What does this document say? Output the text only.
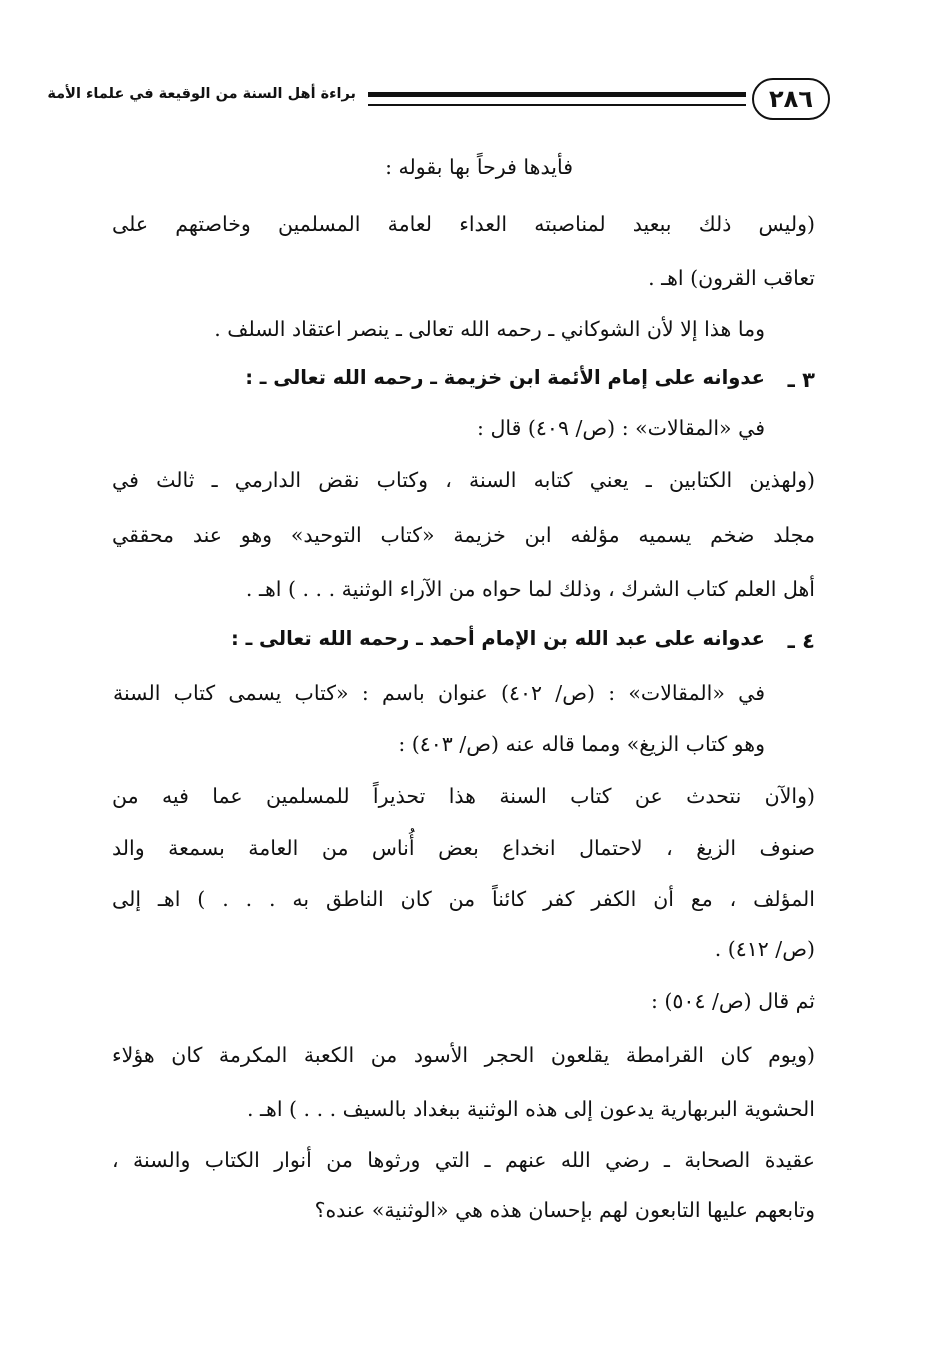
٢٨٦
براءة أهل السنة من الوقيعة في علماء الأمة
فأيدها فرحاً بها بقوله :
(وليس ذلك ببعيد لمناصبته العداء لعامة المسلمين وخاصتهم على
تعاقب القرون) اهـ .
وما هذا إلا لأن الشوكاني ـ رحمه الله تعالى ـ ينصر اعتقاد السلف .
٣ ـ
عدوانه على إمام الأئمة ابن خزيمة ـ رحمه الله تعالى ـ :
في «المقالات» : (ص/ ٤٠٩) قال :
(ولهذين الكتابين ـ يعني كتابه السنة ، وكتاب نقض الدارمي ـ ثالث في
مجلد ضخم يسميه مؤلفه ابن خزيمة «كتاب التوحيد» وهو عند محققي
أهل العلم كتاب الشرك ، وذلك لما حواه من الآراء الوثنية . . . ) اهـ .
٤ ـ
عدوانه على عبد الله بن الإمام أحمد ـ رحمه الله تعالى ـ :
في «المقالات» : (ص/ ٤٠٢) عنوان باسم : «كتاب يسمى كتاب السنة
وهو كتاب الزيغ» ومما قاله عنه (ص/ ٤٠٣) :
(والآن نتحدث عن كتاب السنة هذا تحذيراً للمسلمين عما فيه من
صنوف الزيغ ، لاحتمال انخداع بعض أُناس من العامة بسمعة والد
المؤلف ، مع أن الكفر كفر كائناً من كان الناطق به . . . ) اهـ إلى
(ص/ ٤١٢) .
ثم قال (ص/ ٥٠٤) :
(ويوم كان القرامطة يقلعون الحجر الأسود من الكعبة المكرمة كان هؤلاء
الحشوية البربهارية يدعون إلى هذه الوثنية ببغداد بالسيف . . . ) اهـ .
عقيدة الصحابة ـ رضي الله عنهم ـ التي ورثوها من أنوار الكتاب والسنة ،
وتابعهم عليها التابعون لهم بإحسان هذه هي «الوثنية» عنده؟
